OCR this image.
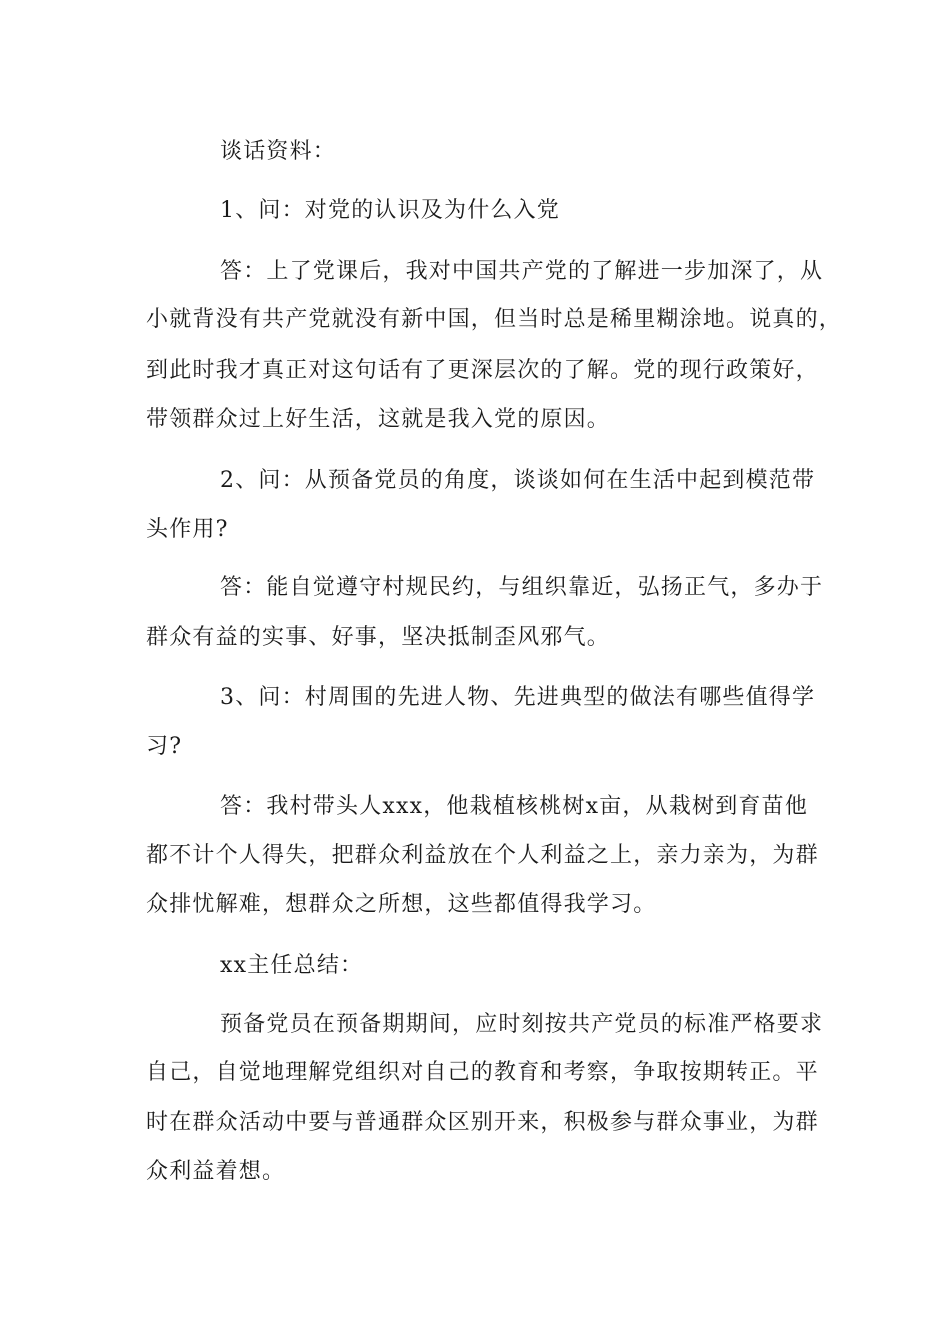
谈话资料：
1、问：对党的认识及为什么入党
答：上了党课后，我对中国共产党的了解进一步加深了，从
小就背没有共产党就没有新中国，但当时总是稀里糊涂地。说真的，
到此时我才真正对这句话有了更深层次的了解。党的现行政策好，
带领群众过上好生活，这就是我入党的原因。
2、问：从预备党员的角度，谈谈如何在生活中起到模范带
头作用?
答：能自觉遵守村规民约，与组织靠近，弘扬正气，多办于
群众有益的实事、好事，坚决抵制歪风邪气。
3、问：村周围的先进人物、先进典型的做法有哪些值得学
习?
答：我村带头人xxx，他栽植核桃树x亩，从栽树到育苗他
都不计个人得失，把群众利益放在个人利益之上，亲力亲为，为群
众排忧解难，想群众之所想，这些都值得我学习。
xx主任总结：
预备党员在预备期期间，应时刻按共产党员的标准严格要求
自己，自觉地理解党组织对自己的教育和考察，争取按期转正。平
时在群众活动中要与普通群众区别开来，积极参与群众事业，为群
众利益着想。
